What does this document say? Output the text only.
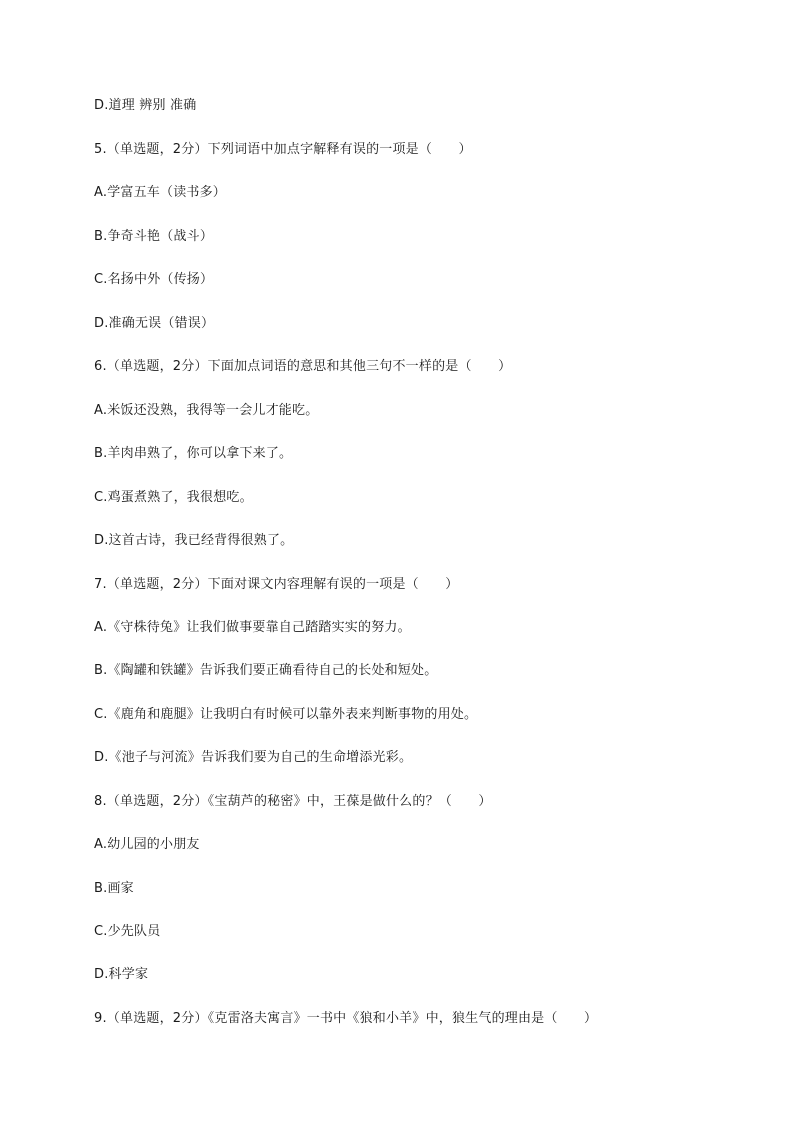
D.道理 辨别 准确
5.（单选题，2分）下列词语中加点字解释有误的一项是（　　）
A.学富五车（读书多）
B.争奇斗艳（战斗）
C.名扬中外（传扬）
D.准确无误（错误）
6.（单选题，2分）下面加点词语的意思和其他三句不一样的是（　　）
A.米饭还没熟，我得等一会儿才能吃。
B.羊肉串熟了，你可以拿下来了。
C.鸡蛋煮熟了，我很想吃。
D.这首古诗，我已经背得很熟了。
7.（单选题，2分）下面对课文内容理解有误的一项是（　　）
A.《守株待兔》让我们做事要靠自己踏踏实实的努力。
B.《陶罐和铁罐》告诉我们要正确看待自己的长处和短处。
C.《鹿角和鹿腿》让我明白有时候可以靠外表来判断事物的用处。
D.《池子与河流》告诉我们要为自己的生命增添光彩。
8.（单选题，2分）《宝葫芦的秘密》中，王葆是做什么的？（　　）
A.幼儿园的小朋友
B.画家
C.少先队员
D.科学家
9.（单选题，2分）《克雷洛夫寓言》一书中《狼和小羊》中，狼生气的理由是（　　）
